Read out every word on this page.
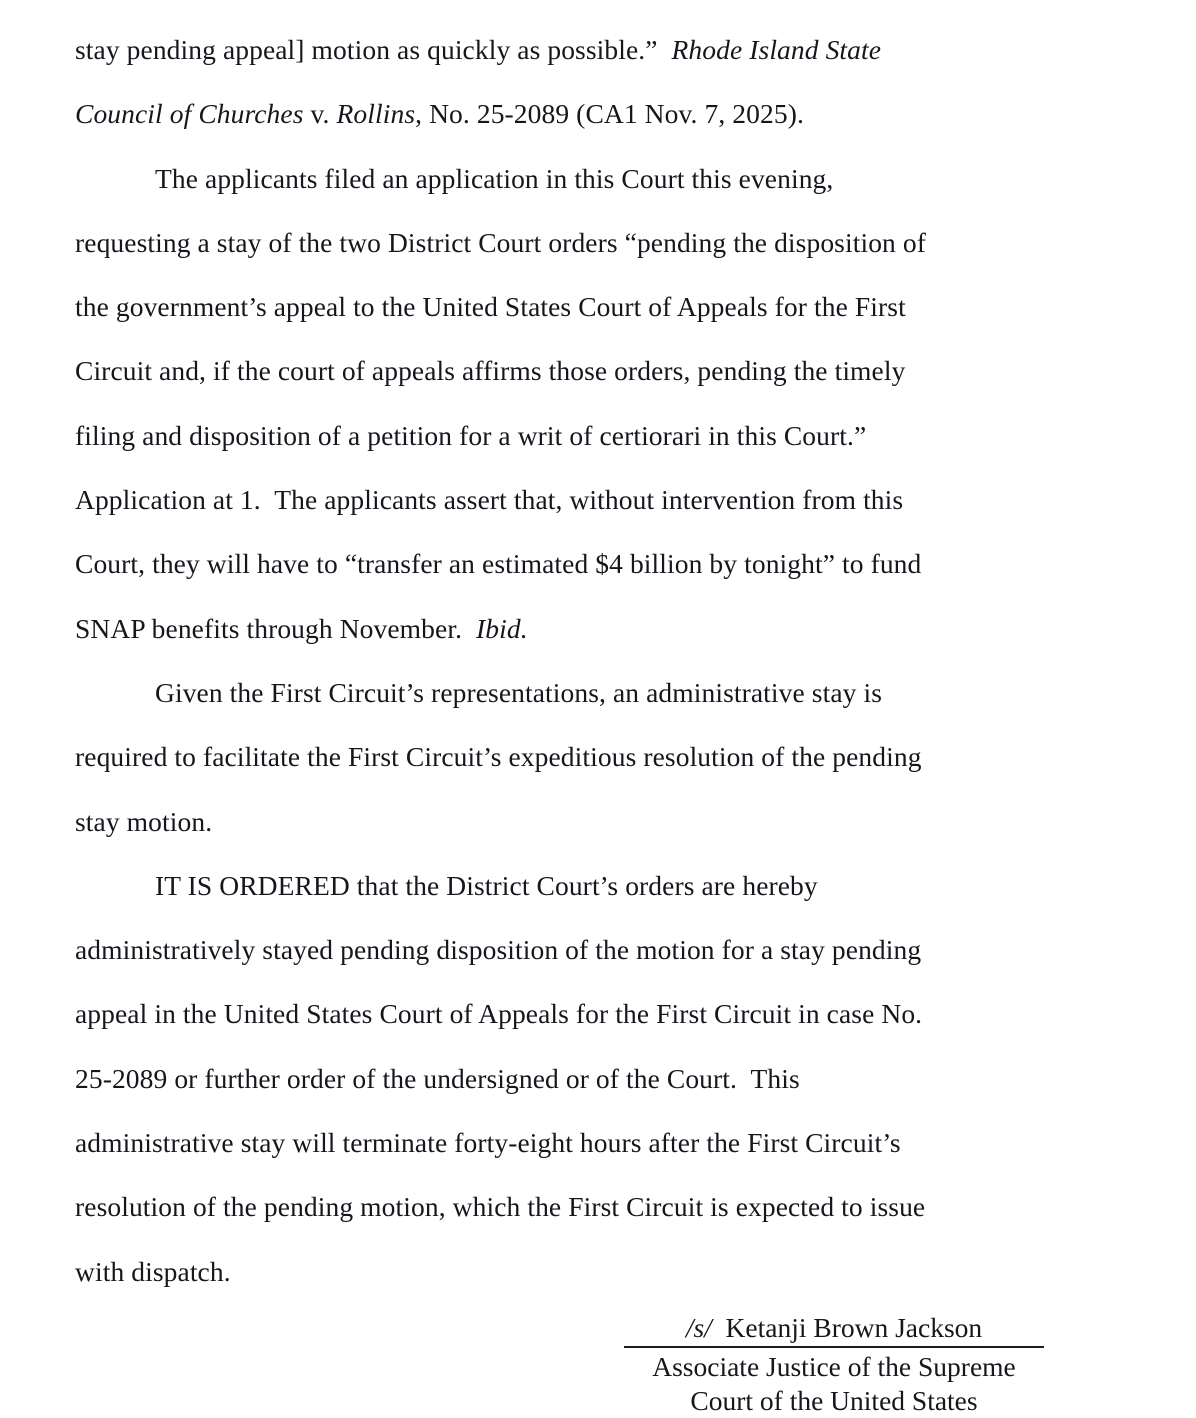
stay pending appeal] motion as quickly as possible.”  Rhode Island State
Council of Churches v. Rollins, No. 25-2089 (CA1 Nov. 7, 2025).
The applicants filed an application in this Court this evening,
requesting a stay of the two District Court orders “pending the disposition of
the government’s appeal to the United States Court of Appeals for the First
Circuit and, if the court of appeals affirms those orders, pending the timely
filing and disposition of a petition for a writ of certiorari in this Court.”
Application at 1.  The applicants assert that, without intervention from this
Court, they will have to “transfer an estimated $4 billion by tonight” to fund
SNAP benefits through November.  Ibid.
Given the First Circuit’s representations, an administrative stay is
required to facilitate the First Circuit’s expeditious resolution of the pending
stay motion.
IT IS ORDERED that the District Court’s orders are hereby
administratively stayed pending disposition of the motion for a stay pending
appeal in the United States Court of Appeals for the First Circuit in case No.
25-2089 or further order of the undersigned or of the Court.  This
administrative stay will terminate forty-eight hours after the First Circuit’s
resolution of the pending motion, which the First Circuit is expected to issue
with dispatch.
/s/  Ketanji Brown Jackson
Associate Justice of the Supreme
Court of the United States
